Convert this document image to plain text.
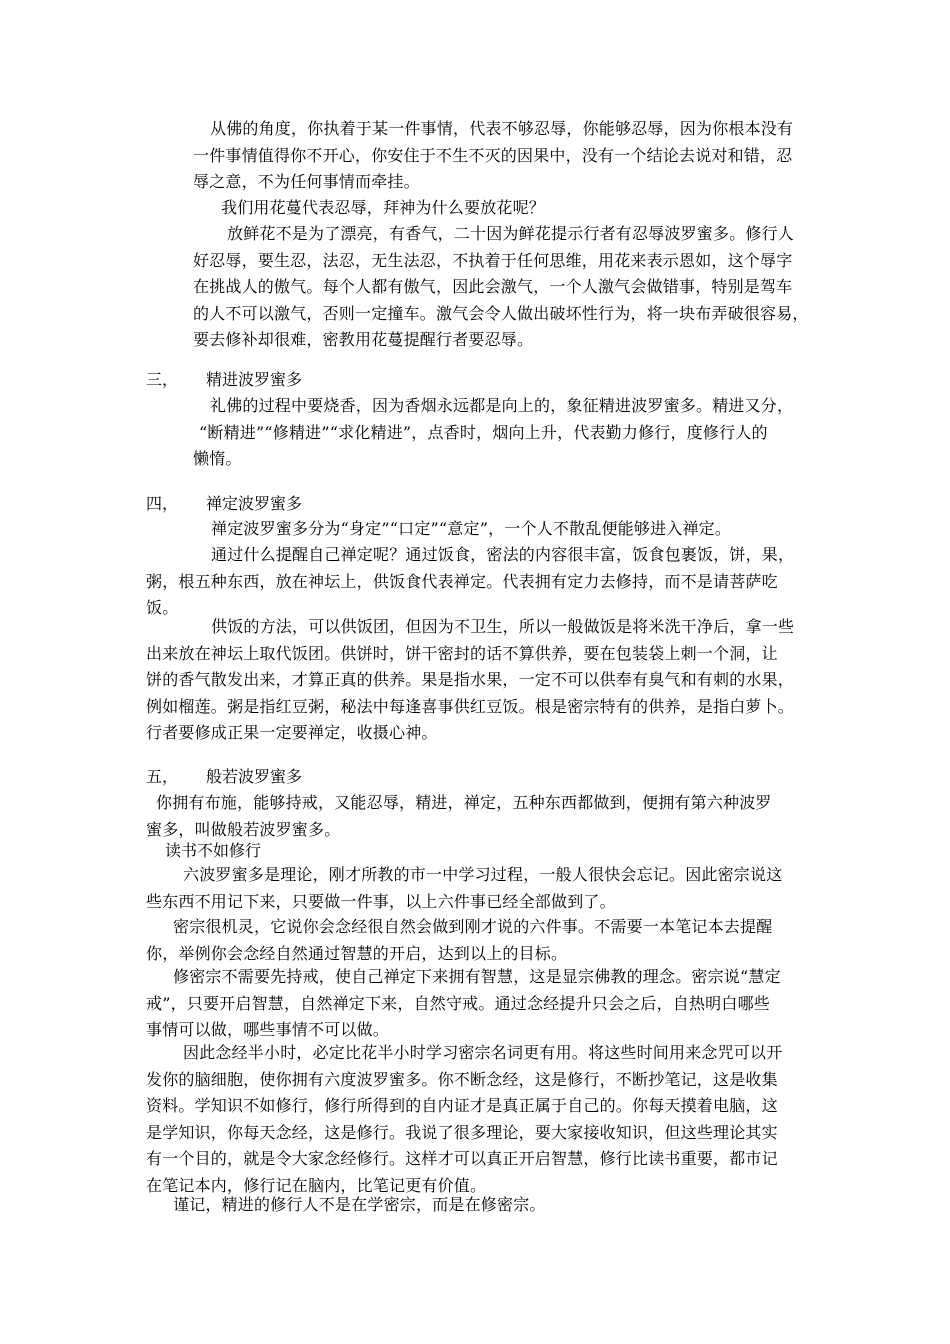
从佛的角度，你执着于某一件事情，代表不够忍辱，你能够忍辱，因为你根本没有
一件事情值得你不开心，你安住于不生不灭的因果中，没有一个结论去说对和错，忍
辱之意，不为任何事情而牵挂。
我们用花蔓代表忍辱，拜神为什么要放花呢？
放鲜花不是为了漂亮，有香气，二十因为鲜花提示行者有忍辱波罗蜜多。修行人
好忍辱，要生忍，法忍，无生法忍，不执着于任何思维，用花来表示恩如，这个辱字
在挑战人的傲气。每个人都有傲气，因此会激气，一个人激气会做错事，特别是驾车
的人不可以激气，否则一定撞车。激气会令人做出破坏性行为，将一块布弄破很容易，
要去修补却很难，密教用花蔓提醒行者要忍辱。
三， 精进波罗蜜多
礼佛的过程中要烧香，因为香烟永远都是向上的，象征精进波罗蜜多。精进又分，
“断精进”“修精进”“求化精进”，点香时，烟向上升，代表勤力修行，度修行人的
懒惰。
四， 禅定波罗蜜多
禅定波罗蜜多分为“身定”“口定”“意定”，一个人不散乱便能够进入禅定。
通过什么提醒自己禅定呢？通过饭食，密法的内容很丰富，饭食包裹饭，饼，果，
粥，根五种东西，放在神坛上，供饭食代表禅定。代表拥有定力去修持，而不是请菩萨吃
饭。
供饭的方法，可以供饭团，但因为不卫生，所以一般做饭是将米洗干净后，拿一些
出来放在神坛上取代饭团。供饼时，饼干密封的话不算供养，要在包装袋上刺一个洞，让
饼的香气散发出来，才算正真的供养。果是指水果，一定不可以供奉有臭气和有刺的水果，
例如榴莲。粥是指红豆粥，秘法中每逢喜事供红豆饭。根是密宗特有的供养，是指白萝卜。
行者要修成正果一定要禅定，收摄心神。
五， 般若波罗蜜多
你拥有布施，能够持戒，又能忍辱，精进，禅定，五种东西都做到，便拥有第六种波罗
蜜多，叫做般若波罗蜜多。
读书不如修行
六波罗蜜多是理论，刚才所教的市一中学习过程，一般人很快会忘记。因此密宗说这
些东西不用记下来，只要做一件事，以上六件事已经全部做到了。
密宗很机灵，它说你会念经很自然会做到刚才说的六件事。不需要一本笔记本去提醒
你，举例你会念经自然通过智慧的开启，达到以上的目标。
修密宗不需要先持戒，使自己禅定下来拥有智慧，这是显宗佛教的理念。密宗说“慧定
戒”，只要开启智慧，自然禅定下来，自然守戒。通过念经提升只会之后，自热明白哪些
事情可以做，哪些事情不可以做。
因此念经半小时，必定比花半小时学习密宗名词更有用。将这些时间用来念咒可以开
发你的脑细胞，使你拥有六度波罗蜜多。你不断念经，这是修行，不断抄笔记，这是收集
资料。学知识不如修行，修行所得到的自内证才是真正属于自己的。你每天摸着电脑，这
是学知识，你每天念经，这是修行。我说了很多理论，要大家接收知识，但这些理论其实
有一个目的，就是令大家念经修行。这样才可以真正开启智慧，修行比读书重要，都市记
在笔记本内，修行记在脑内，比笔记更有价值。
谨记，精进的修行人不是在学密宗，而是在修密宗。
